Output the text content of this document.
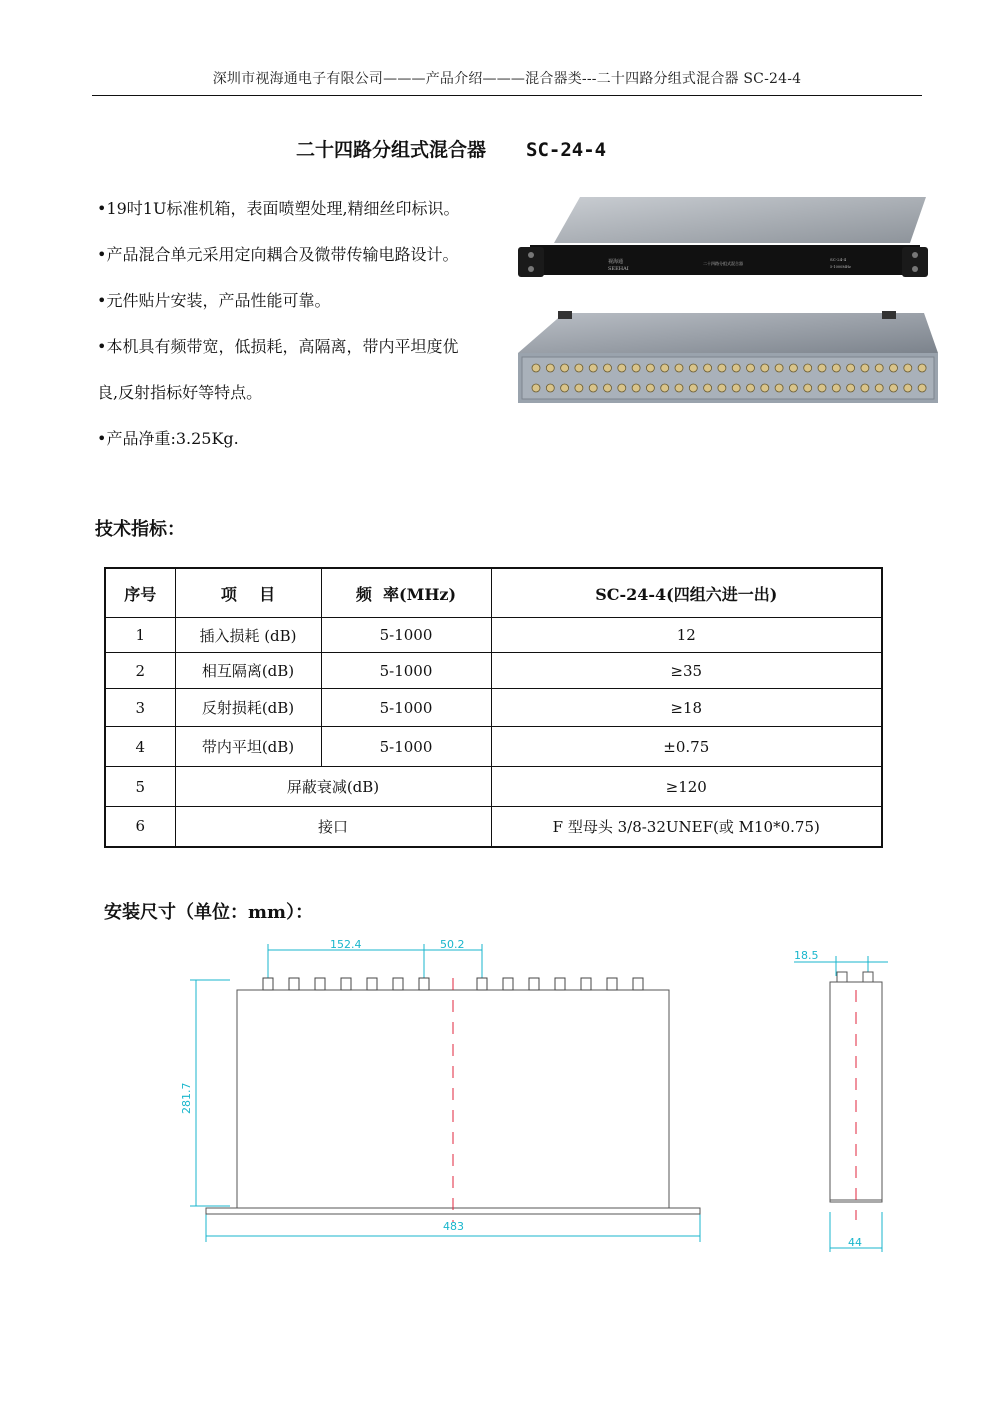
深圳市视海通电子有限公司———产品介绍———混合器类---二十四路分组式混合器 SC-24-4
二十四路分组式混合器 SC-24-4
•19吋1U标准机箱，表面喷塑处理,精细丝印标识。
•产品混合单元采用定向耦合及微带传输电路设计。
•元件贴片安装，产品性能可靠。
•本机具有频带宽，低损耗，高隔离，带内平坦度优
良,反射指标好等特点。
•产品净重:3.25Kg.
视海通
SEEHAI
二十四路分组式混合器
SC-24-4
5-1000MHz
技术指标：
序号	项    目	频  率(MHz)	SC-24-4(四组六进一出)
1	插入损耗 (dB)	5-1000	12
2	相互隔离(dB)	5-1000	≥35
3	反射损耗(dB)	5-1000	≥18
4	带内平坦(dB)	5-1000	±0.75
5	屏蔽衰减(dB)		≥120
6	接口		F 型母头 3/8-32UNEF(或 M10*0.75)
安装尺寸（单位：mm）：
152.4	50.2
281.7
483
18.5
44
